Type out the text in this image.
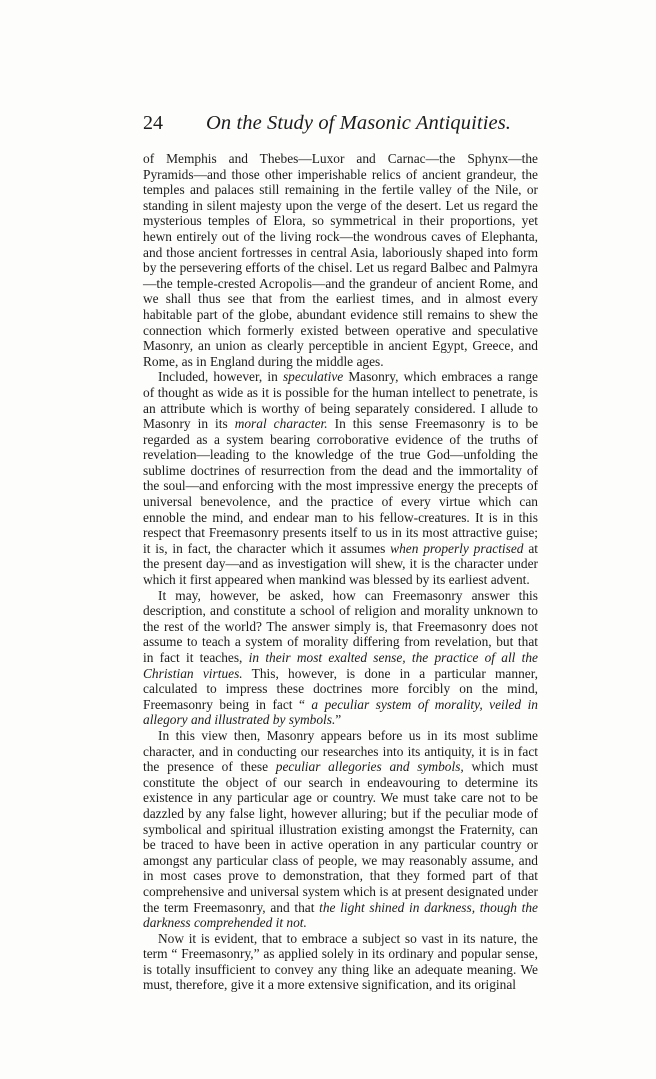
24 On the Study of Masonic Antiquities.

of Memphis and Thebes—Luxor and Carnac—the Sphynx—the Pyramids—and those other imperishable relics of ancient grandeur, the temples and palaces still remaining in the fertile valley of the Nile, or standing in silent majesty upon the verge of the desert. Let us regard the mysterious temples of Elora, so symmetrical in their proportions, yet hewn entirely out of the living rock—the wondrous caves of Elephanta, and those ancient fortresses in central Asia, laboriously shaped into form by the persevering efforts of the chisel. Let us regard Balbec and Palmyra—the temple-crested Acropolis—and the grandeur of ancient Rome, and we shall thus see that from the earliest times, and in almost every habitable part of the globe, abundant evidence still remains to shew the connection which formerly existed between operative and speculative Masonry, an union as clearly perceptible in ancient Egypt, Greece, and Rome, as in England during the middle ages.

Included, however, in speculative Masonry, which embraces a range of thought as wide as it is possible for the human intellect to penetrate, is an attribute which is worthy of being separately considered. I allude to Masonry in its moral character. In this sense Freemasonry is to be regarded as a system bearing corroborative evidence of the truths of revelation—leading to the knowledge of the true God—unfolding the sublime doctrines of resurrection from the dead and the immortality of the soul—and enforcing with the most impressive energy the precepts of universal benevolence, and the practice of every virtue which can ennoble the mind, and endear man to his fellow-creatures. It is in this respect that Freemasonry presents itself to us in its most attractive guise; it is, in fact, the character which it assumes when properly practised at the present day—and as investigation will shew, it is the character under which it first appeared when mankind was blessed by its earliest advent.

It may, however, be asked, how can Freemasonry answer this description, and constitute a school of religion and morality unknown to the rest of the world? The answer simply is, that Freemasonry does not assume to teach a system of morality differing from revelation, but that in fact it teaches, in their most exalted sense, the practice of all the Christian virtues. This, however, is done in a particular manner, calculated to impress these doctrines more forcibly on the mind, Freemasonry being in fact “ a peculiar system of morality, veiled in allegory and illustrated by symbols.”

In this view then, Masonry appears before us in its most sublime character, and in conducting our researches into its antiquity, it is in fact the presence of these peculiar allegories and symbols, which must constitute the object of our search in endeavouring to determine its existence in any particular age or country. We must take care not to be dazzled by any false light, however alluring; but if the peculiar mode of symbolical and spiritual illustration existing amongst the Fraternity, can be traced to have been in active operation in any particular country or amongst any particular class of people, we may reasonably assume, and in most cases prove to demonstration, that they formed part of that comprehensive and universal system which is at present designated under the term Freemasonry, and that the light shined in darkness, though the darkness comprehended it not.

Now it is evident, that to embrace a subject so vast in its nature, the term “ Freemasonry,” as applied solely in its ordinary and popular sense, is totally insufficient to convey any thing like an adequate meaning. We must, therefore, give it a more extensive signification, and its original
